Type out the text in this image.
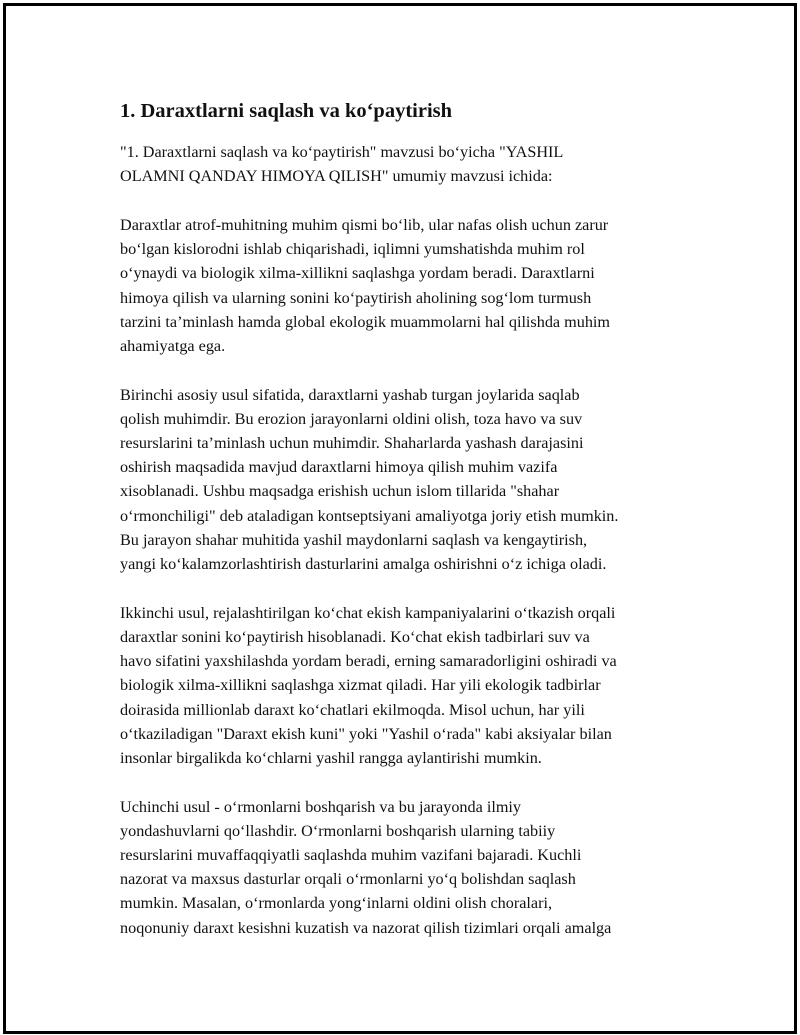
1. Daraxtlarni saqlash va ko‘paytirish

"1. Daraxtlarni saqlash va ko‘paytirish" mavzusi bo‘yicha "YASHIL
OLAMNI QANDAY HIMOYA QILISH" umumiy mavzusi ichida:

Daraxtlar atrof-muhitning muhim qismi bo‘lib, ular nafas olish uchun zarur
bo‘lgan kislorodni ishlab chiqarishadi, iqlimni yumshatishda muhim rol
o‘ynaydi va biologik xilma-xillikni saqlashga yordam beradi. Daraxtlarni
himoya qilish va ularning sonini ko‘paytirish aholining sog‘lom turmush
tarzini ta’minlash hamda global ekologik muammolarni hal qilishda muhim
ahamiyatga ega.

Birinchi asosiy usul sifatida, daraxtlarni yashab turgan joylarida saqlab
qolish muhimdir. Bu erozion jarayonlarni oldini olish, toza havo va suv
resurslarini ta’minlash uchun muhimdir. Shaharlarda yashash darajasini
oshirish maqsadida mavjud daraxtlarni himoya qilish muhim vazifa
xisoblanadi. Ushbu maqsadga erishish uchun islom tillarida "shahar
o‘rmonchiligi" deb ataladigan kontseptsiyani amaliyotga joriy etish mumkin.
Bu jarayon shahar muhitida yashil maydonlarni saqlash va kengaytirish,
yangi ko‘kalamzorlashtirish dasturlarini amalga oshirishni o‘z ichiga oladi.

Ikkinchi usul, rejalashtirilgan ko‘chat ekish kampaniyalarini o‘tkazish orqali
daraxtlar sonini ko‘paytirish hisoblanadi. Ko‘chat ekish tadbirlari suv va
havo sifatini yaxshilashda yordam beradi, erning samaradorligini oshiradi va
biologik xilma-xillikni saqlashga xizmat qiladi. Har yili ekologik tadbirlar
doirasida millionlab daraxt ko‘chatlari ekilmoqda. Misol uchun, har yili
o‘tkaziladigan "Daraxt ekish kuni" yoki "Yashil o‘rada" kabi aksiyalar bilan
insonlar birgalikda ko‘chlarni yashil rangga aylantirishi mumkin.

Uchinchi usul - o‘rmonlarni boshqarish va bu jarayonda ilmiy
yondashuvlarni qo‘llashdir. O‘rmonlarni boshqarish ularning tabiiy
resurslarini muvaffaqqiyatli saqlashda muhim vazifani bajaradi. Kuchli
nazorat va maxsus dasturlar orqali o‘rmonlarni yo‘q bolishdan saqlash
mumkin. Masalan, o‘rmonlarda yong‘inlarni oldini olish choralari,
noqonuniy daraxt kesishni kuzatish va nazorat qilish tizimlari orqali amalga
